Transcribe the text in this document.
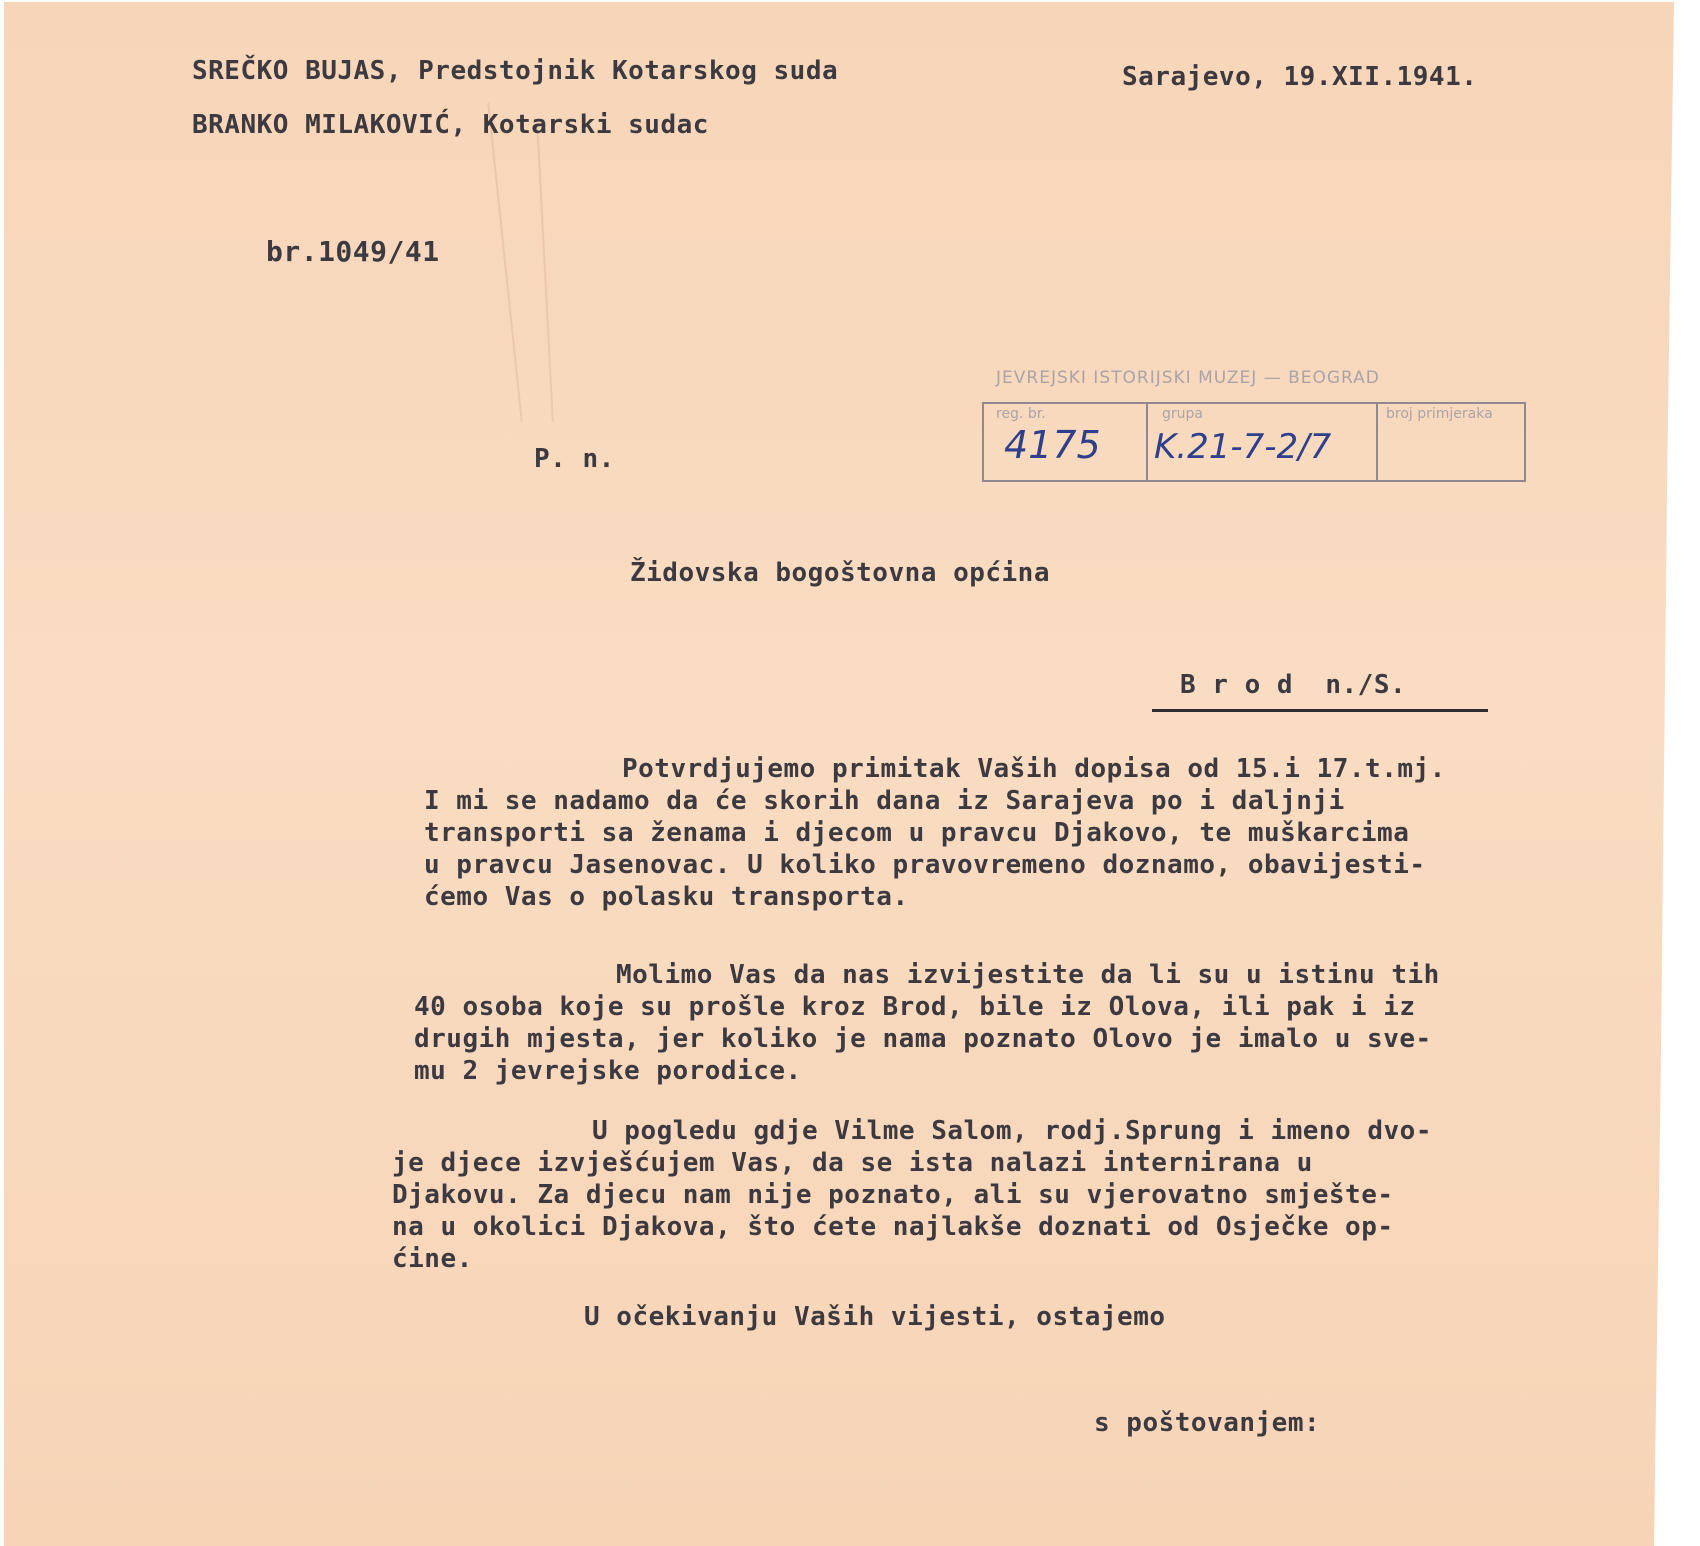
SREČKO BUJAS, Predstojnik Kotarskog suda
BRANKO MILAKOVIĆ, Kotarski sudac
Sarajevo, 19.XII.1941.
br.1049/41
JEVREJSKI ISTORIJSKI MUZEJ — BEOGRAD
reg. br.	grupa	broj primjeraka
4175 K.21-7-2/7
P. n.
Židovska bogoštovna općina
B r o d  n./S.
Potvrdjujemo primitak Vaših dopisa od 15.i 17.t.mj.
I mi se nadamo da će skorih dana iz Sarajeva po i daljnji
transporti sa ženama i djecom u pravcu Djakovo, te muškarcima
u pravcu Jasenovac. U koliko pravovremeno doznamo, obavijesti-
ćemo Vas o polasku transporta.
Molimo Vas da nas izvijestite da li su u istinu tih
40 osoba koje su prošle kroz Brod, bile iz Olova, ili pak i iz
drugih mjesta, jer koliko je nama poznato Olovo je imalo u sve-
mu 2 jevrejske porodice.
U pogledu gdje Vilme Salom, rodj.Sprung i imeno dvo-
je djece izvješćujem Vas, da se ista nalazi internirana u
Djakovu. Za djecu nam nije poznato, ali su vjerovatno smješte-
na u okolici Djakova, što ćete najlakše doznati od Osječke op-
ćine.
U očekivanju Vaših vijesti, ostajemo
s poštovanjem:
